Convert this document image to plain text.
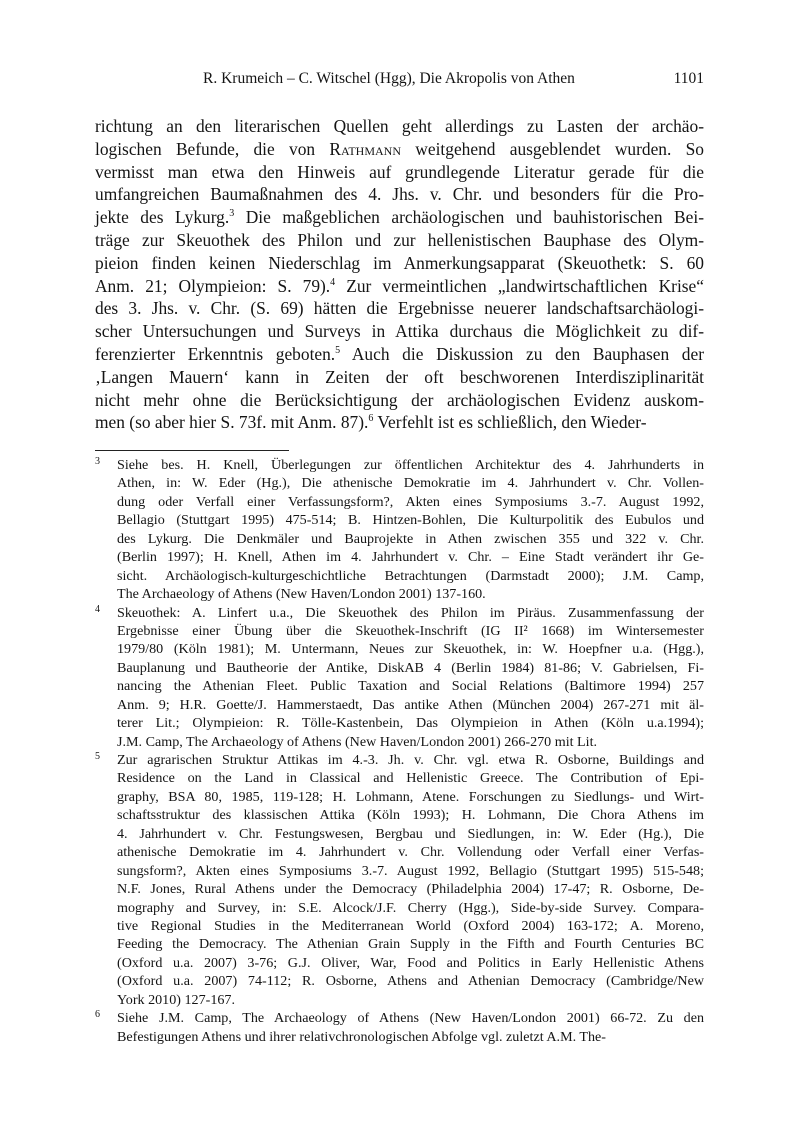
R. Krumeich – C. Witschel (Hgg), Die Akropolis von Athen	1101
richtung an den literarischen Quellen geht allerdings zu Lasten der archäo-
logischen Befunde, die von Rathmann weitgehend ausgeblendet wurden. So
vermisst man etwa den Hinweis auf grundlegende Literatur gerade für die
umfangreichen Baumaßnahmen des 4. Jhs. v. Chr. und besonders für die Pro-
jekte des Lykurg.$^3$ Die maßgeblichen archäologischen und bauhistorischen Bei-
träge zur Skeuothek des Philon und zur hellenistischen Bauphase des Olym-
pieion finden keinen Niederschlag im Anmerkungsapparat (Skeuothetk: S. 60
Anm. 21; Olympieion: S. 79).$^4$ Zur vermeintlichen „landwirtschaftlichen Krise“
des 3. Jhs. v. Chr. (S. 69) hätten die Ergebnisse neuerer landschaftsarchäologi-
scher Untersuchungen und Surveys in Attika durchaus die Möglichkeit zu dif-
ferenzierter Erkenntnis geboten.$^5$ Auch die Diskussion zu den Bauphasen der
‚Langen Mauern‘ kann in Zeiten der oft beschworenen Interdisziplinarität
nicht mehr ohne die Berücksichtigung der archäologischen Evidenz auskom-
men (so aber hier S. 73f. mit Anm. 87).$^6$ Verfehlt ist es schließlich, den Wieder-
3 Siehe bes. H. Knell, Überlegungen zur öffentlichen Architektur des 4. Jahrhunderts in
Athen, in: W. Eder (Hg.), Die athenische Demokratie im 4. Jahrhundert v. Chr. Vollen-
dung oder Verfall einer Verfassungsform?, Akten eines Symposiums 3.-7. August 1992,
Bellagio (Stuttgart 1995) 475-514; B. Hintzen-Bohlen, Die Kulturpolitik des Eubulos und
des Lykurg. Die Denkmäler und Bauprojekte in Athen zwischen 355 und 322 v. Chr.
(Berlin 1997); H. Knell, Athen im 4. Jahrhundert v. Chr. – Eine Stadt verändert ihr Ge-
sicht. Archäologisch-kulturgeschichtliche Betrachtungen (Darmstadt 2000); J.M. Camp,
The Archaeology of Athens (New Haven/London 2001) 137-160.
4 Skeuothek: A. Linfert u.a., Die Skeuothek des Philon im Piräus. Zusammenfassung der
Ergebnisse einer Übung über die Skeuothek-Inschrift (IG II² 1668) im Wintersemester
1979/80 (Köln 1981); M. Untermann, Neues zur Skeuothek, in: W. Hoepfner u.a. (Hgg.),
Bauplanung und Bautheorie der Antike, DiskAB 4 (Berlin 1984) 81-86; V. Gabrielsen, Fi-
nancing the Athenian Fleet. Public Taxation and Social Relations (Baltimore 1994) 257
Anm. 9; H.R. Goette/J. Hammerstaedt, Das antike Athen (München 2004) 267-271 mit äl-
terer Lit.; Olympieion: R. Tölle-Kastenbein, Das Olympieion in Athen (Köln u.a.1994);
J.M. Camp, The Archaeology of Athens (New Haven/London 2001) 266-270 mit Lit.
5 Zur agrarischen Struktur Attikas im 4.-3. Jh. v. Chr. vgl. etwa R. Osborne, Buildings and
Residence on the Land in Classical and Hellenistic Greece. The Contribution of Epi-
graphy, BSA 80, 1985, 119-128; H. Lohmann, Atene. Forschungen zu Siedlungs- und Wirt-
schaftsstruktur des klassischen Attika (Köln 1993); H. Lohmann, Die Chora Athens im
4. Jahrhundert v. Chr. Festungswesen, Bergbau und Siedlungen, in: W. Eder (Hg.), Die
athenische Demokratie im 4. Jahrhundert v. Chr. Vollendung oder Verfall einer Verfas-
sungsform?, Akten eines Symposiums 3.-7. August 1992, Bellagio (Stuttgart 1995) 515-548;
N.F. Jones, Rural Athens under the Democracy (Philadelphia 2004) 17-47; R. Osborne, De-
mography and Survey, in: S.E. Alcock/J.F. Cherry (Hgg.), Side-by-side Survey. Compara-
tive Regional Studies in the Mediterranean World (Oxford 2004) 163-172; A. Moreno,
Feeding the Democracy. The Athenian Grain Supply in the Fifth and Fourth Centuries BC
(Oxford u.a. 2007) 3-76; G.J. Oliver, War, Food and Politics in Early Hellenistic Athens
(Oxford u.a. 2007) 74-112; R. Osborne, Athens and Athenian Democracy (Cambridge/New
York 2010) 127-167.
6 Siehe J.M. Camp, The Archaeology of Athens (New Haven/London 2001) 66-72. Zu den
Befestigungen Athens und ihrer relativchronologischen Abfolge vgl. zuletzt A.M. The-
